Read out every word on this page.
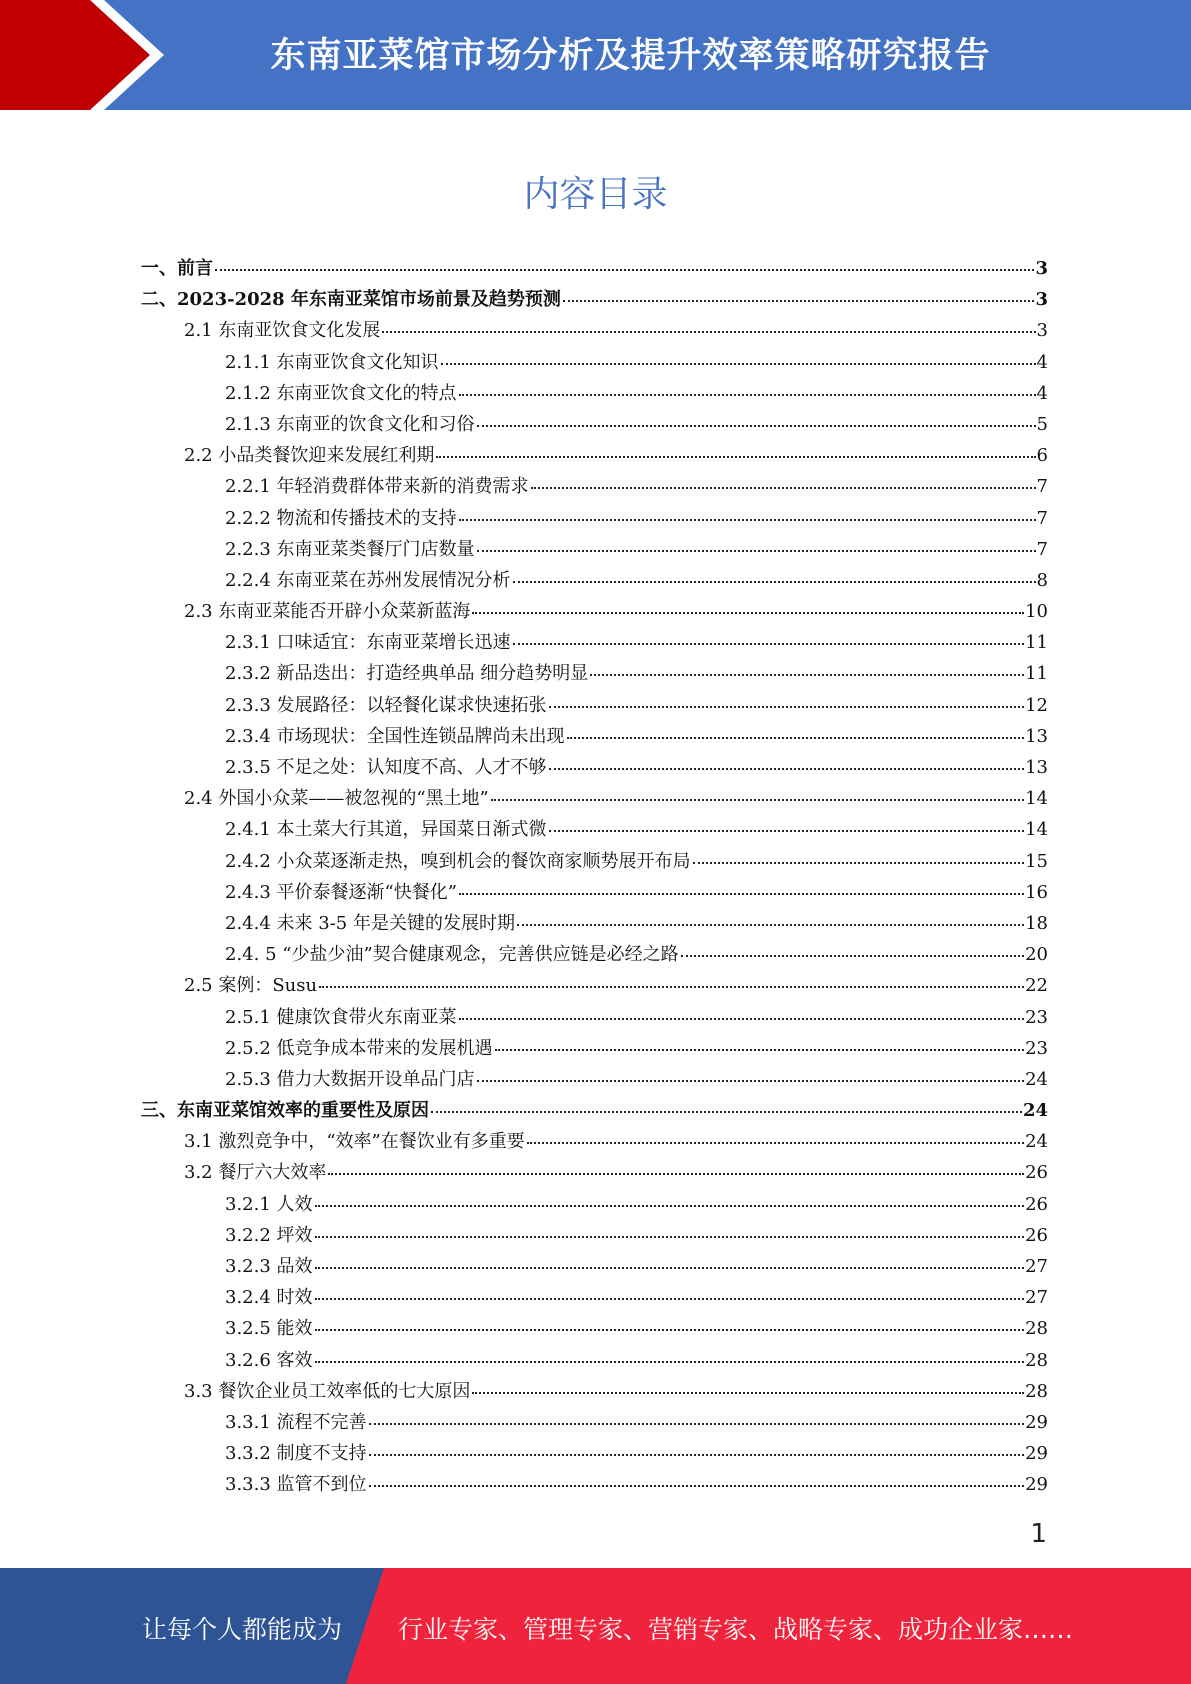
东南亚菜馆市场分析及提升效率策略研究报告
内容目录
一、前言	3
二、2023-2028 年东南亚菜馆市场前景及趋势预测	3
2.1 东南亚饮食文化发展	3
2.1.1 东南亚饮食文化知识	4
2.1.2 东南亚饮食文化的特点	4
2.1.3 东南亚的饮食文化和习俗	5
2.2 小品类餐饮迎来发展红利期	6
2.2.1 年轻消费群体带来新的消费需求	7
2.2.2 物流和传播技术的支持	7
2.2.3 东南亚菜类餐厅门店数量	7
2.2.4 东南亚菜在苏州发展情况分析	8
2.3 东南亚菜能否开辟小众菜新蓝海	10
2.3.1 口味适宜：东南亚菜增长迅速	11
2.3.2 新品迭出：打造经典单品 细分趋势明显	11
2.3.3 发展路径：以轻餐化谋求快速拓张	12
2.3.4 市场现状：全国性连锁品牌尚未出现	13
2.3.5 不足之处：认知度不高、人才不够	13
2.4 外国小众菜——被忽视的“黑土地”	14
2.4.1 本土菜大行其道，异国菜日渐式微	14
2.4.2 小众菜逐渐走热，嗅到机会的餐饮商家顺势展开布局	15
2.4.3 平价泰餐逐渐“快餐化”	16
2.4.4 未来 3-5 年是关键的发展时期	18
2.4. 5 “少盐少油”契合健康观念，完善供应链是必经之路	20
2.5 案例：Susu	22
2.5.1 健康饮食带火东南亚菜	23
2.5.2 低竞争成本带来的发展机遇	23
2.5.3 借力大数据开设单品门店	24
三、东南亚菜馆效率的重要性及原因	24
3.1 激烈竞争中，“效率”在餐饮业有多重要	24
3.2 餐厅六大效率	26
3.2.1 人效	26
3.2.2 坪效	26
3.2.3 品效	27
3.2.4 时效	27
3.2.5 能效	28
3.2.6 客效	28
3.3 餐饮企业员工效率低的七大原因	28
3.3.1 流程不完善	29
3.3.2 制度不支持	29
3.3.3 监管不到位	29
1
让每个人都能成为 行业专家、管理专家、营销专家、战略专家、成功企业家……
